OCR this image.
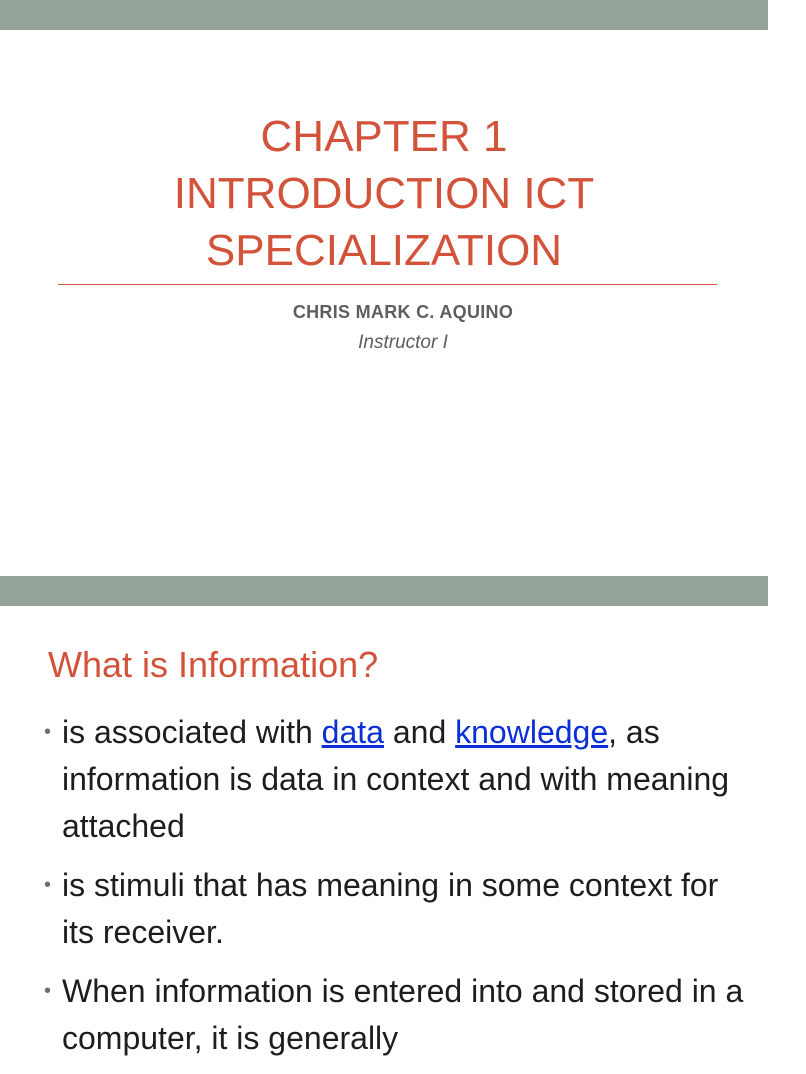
CHAPTER 1
INTRODUCTION ICT
SPECIALIZATION
CHRIS MARK C. AQUINO
Instructor I
What is Information?
• is associated with data and knowledge, as information is data in context and with meaning attached
• is stimuli that has meaning in some context for its receiver.
• When information is entered into and stored in a computer, it is generally
